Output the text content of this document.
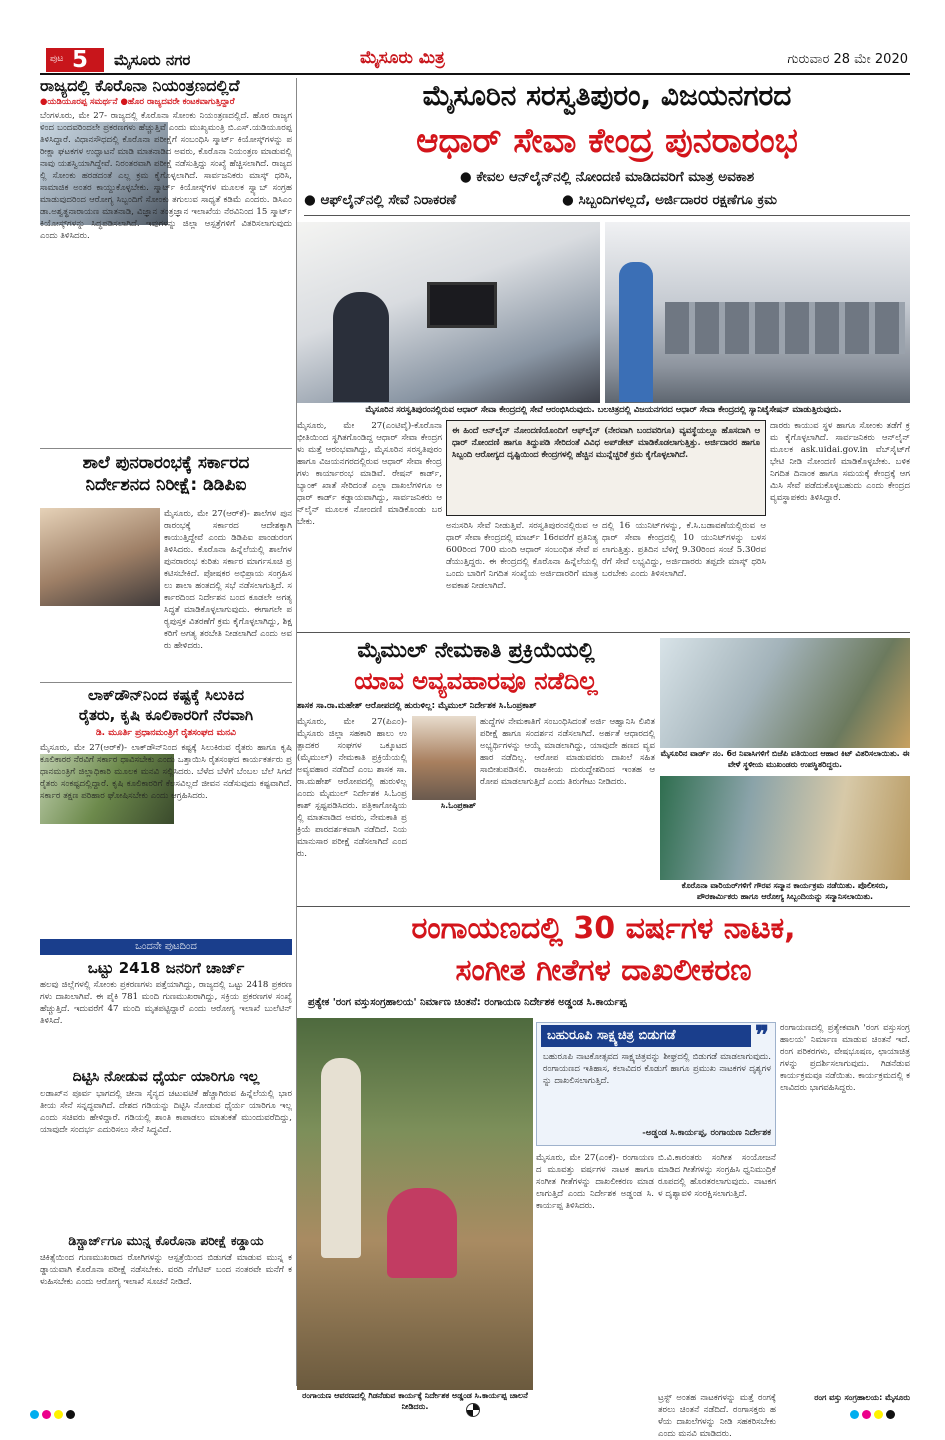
ಪುಟ 5 ಮೈಸೂರು ನಗರ	ಮೈಸೂರು ಮಿತ್ರ	ಗುರುವಾರ 28 ಮೇ 2020
ರಾಜ್ಯದಲ್ಲಿ ಕೊರೊನಾ ನಿಯಂತ್ರಣದಲ್ಲಿದೆ
●ಯಡಿಯೂರಪ್ಪ ಸಮರ್ಥನೆ ●ಹೊರ ರಾಜ್ಯದವರೇ ಕಂಟಕವಾಗುತ್ತಿದ್ದಾರೆ
ಬೆಂಗಳೂರು, ಮೇ 27- ರಾಜ್ಯದಲ್ಲಿ ಕೊರೊನಾ ಸೋಂಕು ನಿಯಂತ್ರಣದಲ್ಲಿದೆ. ಹೊರ ರಾಜ್ಯಗಳಿಂದ ಬಂದವರಿಂದಲೇ ಪ್ರಕರಣಗಳು ಹೆಚ್ಚುತ್ತಿವೆ ಎಂದು ಮುಖ್ಯಮಂತ್ರಿ ಬಿ.ಎಸ್.ಯಡಿಯೂರಪ್ಪ ತಿಳಿಸಿದ್ದಾರೆ. ವಿಧಾನಸೌಧದಲ್ಲಿ ಕೊರೊನಾ ಪರೀಕ್ಷೆಗೆ ಸಂಬಂಧಿಸಿ ಸ್ಮಾರ್ಟ್ ಕಿಯೋಸ್ಕ್‌ಗಳನ್ನು ಪರೀಕ್ಷಾ ಘಟಕಗಳ ಉದ್ಘಾಟನೆ ಮಾಡಿ ಮಾತನಾಡಿದ ಅವರು, ಕೊರೊನಾ ನಿಯಂತ್ರಣ ಮಾಡುವಲ್ಲಿ ನಾವು ಯಶಸ್ವಿಯಾಗಿದ್ದೇವೆ. ನಿರಂತರವಾಗಿ ಪರೀಕ್ಷೆ ನಡೆಸುತ್ತಿದ್ದು ಸಂಖ್ಯೆ ಹೆಚ್ಚಿಸಲಾಗಿದೆ. ರಾಜ್ಯದಲ್ಲಿ ಸೋಂಕು ಹರಡದಂತೆ ಎಲ್ಲ ಕ್ರಮ ಕೈಗೊಳ್ಳಲಾಗಿದೆ. ಸಾರ್ವಜನಿಕರು ಮಾಸ್ಕ್ ಧರಿಸಿ, ಸಾಮಾಜಿಕ ಅಂತರ ಕಾಯ್ದುಕೊಳ್ಳಬೇಕು. ಸ್ಮಾರ್ಟ್ ಕಿಯೋಸ್ಕ್‌ಗಳ ಮೂಲಕ ಸ್ವ್ಯಾಬ್ ಸಂಗ್ರಹ ಮಾಡುವುದರಿಂದ ಆರೋಗ್ಯ ಸಿಬ್ಬಂದಿಗೆ ಸೋಂಕು ತಗುಲುವ ಸಾಧ್ಯತೆ ಕಡಿಮೆ ಎಂದರು. ಡಿಸಿಎಂ ಡಾ.ಅಶ್ವತ್ಥನಾರಾಯಣ ಮಾತನಾಡಿ, ವಿಜ್ಞಾನ ತಂತ್ರಜ್ಞಾನ ಇಲಾಖೆಯ ನೆರವಿನಿಂದ 15 ಸ್ಮಾರ್ಟ್ ಕಿಯೋಸ್ಕ್‌ಗಳನ್ನು ಸಿದ್ಧಪಡಿಸಲಾಗಿದೆ. ಇವುಗಳನ್ನು ಜಿಲ್ಲಾ ಆಸ್ಪತ್ರೆಗಳಿಗೆ ವಿತರಿಸಲಾಗುವುದು ಎಂದು ತಿಳಿಸಿದರು.
ಶಾಲೆ ಪುನರಾರಂಭಕ್ಕೆ ಸರ್ಕಾರದ
ನಿರ್ದೇಶನದ ನಿರೀಕ್ಷೆ: ಡಿಡಿಪಿಐ
ಮೈಸೂರು, ಮೇ 27(ಆರ್‌ಕೆ)- ಶಾಲೆಗಳ ಪುನರಾರಂಭಕ್ಕೆ ಸರ್ಕಾರದ ಆದೇಶಕ್ಕಾಗಿ ಕಾಯುತ್ತಿದ್ದೇವೆ ಎಂದು ಡಿಡಿಪಿಐ ಪಾಂಡುರಂಗ ತಿಳಿಸಿದರು. ಕೊರೊನಾ ಹಿನ್ನೆಲೆಯಲ್ಲಿ ಶಾಲೆಗಳ ಪುನರಾರಂಭ ಕುರಿತು ಸರ್ಕಾರ ಮಾರ್ಗಸೂಚಿ ಪ್ರಕಟಿಸಬೇಕಿದೆ. ಪೋಷಕರ ಅಭಿಪ್ರಾಯ ಸಂಗ್ರಹಿಸಲು ಶಾಲಾ ಹಂತದಲ್ಲಿ ಸಭೆ ನಡೆಸಲಾಗುತ್ತಿದೆ. ಸರ್ಕಾರದಿಂದ ನಿರ್ದೇಶನ ಬಂದ ಕೂಡಲೇ ಅಗತ್ಯ ಸಿದ್ಧತೆ ಮಾಡಿಕೊಳ್ಳಲಾಗುವುದು. ಈಗಾಗಲೇ ಪಠ್ಯಪುಸ್ತಕ ವಿತರಣೆಗೆ ಕ್ರಮ ಕೈಗೊಳ್ಳಲಾಗಿದ್ದು, ಶಿಕ್ಷಕರಿಗೆ ಅಗತ್ಯ ತರಬೇತಿ ನೀಡಲಾಗಿದೆ ಎಂದು ಅವರು ಹೇಳಿದರು.
ಲಾಕ್‌ಡೌನ್‌ನಿಂದ ಕಷ್ಟಕ್ಕೆ ಸಿಲುಕಿದ
ರೈತರು, ಕೃಷಿ ಕೂಲಿಕಾರರಿಗೆ ನೆರವಾಗಿ
ಡಿ. ಮೂರ್ತಿ ಪ್ರಧಾನಮಂತ್ರಿಗೆ ರೈತಸಂಘದ ಮನವಿ
ಮೈಸೂರು, ಮೇ 27(ಆರ್‌ಕೆ)- ಲಾಕ್‌ಡೌನ್‌ನಿಂದ ಕಷ್ಟಕ್ಕೆ ಸಿಲುಕಿರುವ ರೈತರು ಹಾಗೂ ಕೃಷಿ ಕೂಲಿಕಾರರ ನೆರವಿಗೆ ಸರ್ಕಾರ ಧಾವಿಸಬೇಕು ಎಂದು ಒತ್ತಾಯಿಸಿ ರೈತಸಂಘದ ಕಾರ್ಯಕರ್ತರು ಪ್ರಧಾನಮಂತ್ರಿಗೆ ಜಿಲ್ಲಾಧಿಕಾರಿ ಮೂಲಕ ಮನವಿ ಸಲ್ಲಿಸಿದರು. ಬೆಳೆದ ಬೆಳೆಗೆ ಬೆಂಬಲ ಬೆಲೆ ಸಿಗದೆ ರೈತರು ಸಂಕಷ್ಟದಲ್ಲಿದ್ದಾರೆ. ಕೃಷಿ ಕೂಲಿಕಾರರಿಗೆ ಕೆಲಸವಿಲ್ಲದೆ ಜೀವನ ನಡೆಸುವುದು ಕಷ್ಟವಾಗಿದೆ. ಸರ್ಕಾರ ತಕ್ಷಣ ಪರಿಹಾರ ಘೋಷಿಸಬೇಕು ಎಂದು ಆಗ್ರಹಿಸಿದರು.
ಒಂದನೇ ಪುಟದಿಂದ
ಒಟ್ಟು 2418 ಜನರಿಗೆ ಚಾರ್ಜ್
ಹಲವು ಜಿಲ್ಲೆಗಳಲ್ಲಿ ಸೋಂಕು ಪ್ರಕರಣಗಳು ಪತ್ತೆಯಾಗಿದ್ದು, ರಾಜ್ಯದಲ್ಲಿ ಒಟ್ಟು 2418 ಪ್ರಕರಣಗಳು ದಾಖಲಾಗಿವೆ. ಈ ಪೈಕಿ 781 ಮಂದಿ ಗುಣಮುಖರಾಗಿದ್ದು, ಸಕ್ರಿಯ ಪ್ರಕರಣಗಳ ಸಂಖ್ಯೆ ಹೆಚ್ಚುತ್ತಿದೆ. ಇದುವರೆಗೆ 47 ಮಂದಿ ಮೃತಪಟ್ಟಿದ್ದಾರೆ ಎಂದು ಆರೋಗ್ಯ ಇಲಾಖೆ ಬುಲೆಟಿನ್ ತಿಳಿಸಿದೆ.
ದಿಟ್ಟಿಸಿ ನೋಡುವ ಧೈರ್ಯ ಯಾರಿಗೂ ಇಲ್ಲ
ಲಡಾಖ್‌ನ ಪೂರ್ವ ಭಾಗದಲ್ಲಿ ಚೀನಾ ಸೈನ್ಯದ ಚಟುವಟಿಕೆ ಹೆಚ್ಚಾಗಿರುವ ಹಿನ್ನೆಲೆಯಲ್ಲಿ ಭಾರತೀಯ ಸೇನೆ ಸನ್ನದ್ಧವಾಗಿದೆ. ದೇಶದ ಗಡಿಯನ್ನು ದಿಟ್ಟಿಸಿ ನೋಡುವ ಧೈರ್ಯ ಯಾರಿಗೂ ಇಲ್ಲ ಎಂದು ಸಚಿವರು ಹೇಳಿದ್ದಾರೆ. ಗಡಿಯಲ್ಲಿ ಶಾಂತಿ ಕಾಪಾಡಲು ಮಾತುಕತೆ ಮುಂದುವರೆದಿದ್ದು, ಯಾವುದೇ ಸಂದರ್ಭ ಎದುರಿಸಲು ಸೇನೆ ಸಿದ್ಧವಿದೆ.
ಡಿಸ್ಚಾರ್ಜ್‌ಗೂ ಮುನ್ನ ಕೊರೊನಾ ಪರೀಕ್ಷೆ ಕಡ್ಡಾಯ
ಚಿಕಿತ್ಸೆಯಿಂದ ಗುಣಮುಖರಾದ ರೋಗಿಗಳನ್ನು ಆಸ್ಪತ್ರೆಯಿಂದ ಬಿಡುಗಡೆ ಮಾಡುವ ಮುನ್ನ ಕಡ್ಡಾಯವಾಗಿ ಕೊರೊನಾ ಪರೀಕ್ಷೆ ನಡೆಸಬೇಕು. ವರದಿ ನೆಗೆಟಿವ್ ಬಂದ ನಂತರವೇ ಮನೆಗೆ ಕಳುಹಿಸಬೇಕು ಎಂದು ಆರೋಗ್ಯ ಇಲಾಖೆ ಸೂಚನೆ ನೀಡಿದೆ.
ಮೈಸೂರಿನ ಸರಸ್ವತಿಪುರಂ, ವಿಜಯನಗರದ
ಆಧಾರ್ ಸೇವಾ ಕೇಂದ್ರ ಪುನರಾರಂಭ
● ಕೇವಲ ಆನ್‌ಲೈನ್‌ನಲ್ಲಿ ನೋಂದಣಿ ಮಾಡಿದವರಿಗೆ ಮಾತ್ರ ಅವಕಾಶ
● ಆಫ್‌ಲೈನ್‌ನಲ್ಲಿ ಸೇವೆ ನಿರಾಕರಣೆ	● ಸಿಬ್ಬಂದಿಗಳಲ್ಲದೆ, ಅರ್ಜಿದಾರರ ರಕ್ಷಣೆಗೂ ಕ್ರಮ
ಮೈಸೂರಿನ ಸರಸ್ವತಿಪುರಂನಲ್ಲಿರುವ ಆಧಾರ್ ಸೇವಾ ಕೇಂದ್ರದಲ್ಲಿ ಸೇವೆ ಆರಂಭಿಸಿರುವುದು. ಬಲಚಿತ್ರದಲ್ಲಿ ವಿಜಯನಗರದ ಆಧಾರ್ ಸೇವಾ ಕೇಂದ್ರದಲ್ಲಿ ಸ್ಯಾನಿಟೈಸೇಷನ್ ಮಾಡುತ್ತಿರುವುದು.
ಮೈಸೂರು, ಮೇ 27(ಎಂಟಿವೈ)-ಕೊರೊನಾ ಭೀತಿಯಿಂದ ಸ್ಥಗಿತಗೊಂಡಿದ್ದ ಆಧಾರ್ ಸೇವಾ ಕೇಂದ್ರಗಳು ಮತ್ತೆ ಆರಂಭವಾಗಿದ್ದು, ಮೈಸೂರಿನ ಸರಸ್ವತಿಪುರಂ ಹಾಗೂ ವಿಜಯನಗರದಲ್ಲಿರುವ ಆಧಾರ್ ಸೇವಾ ಕೇಂದ್ರಗಳು ಕಾರ್ಯಾರಂಭ ಮಾಡಿವೆ. ರೇಷನ್ ಕಾರ್ಡ್, ಬ್ಯಾಂಕ್ ಖಾತೆ ಸೇರಿದಂತೆ ಎಲ್ಲಾ ದಾಖಲೆಗಳಿಗೂ ಆಧಾರ್ ಕಾರ್ಡ್ ಕಡ್ಡಾಯವಾಗಿದ್ದು, ಸಾರ್ವಜನಿಕರು ಆನ್‌ಲೈನ್ ಮೂಲಕ ನೋಂದಣಿ ಮಾಡಿಕೊಂಡು ಬರಬೇಕು.
ಈ ಹಿಂದೆ ಆನ್‌ಲೈನ್ ನೋಂದಣಿಯೊಂದಿಗೆ ಆಫ್‌ಲೈನ್ (ನೇರವಾಗಿ ಬಂದವರಿಗೂ) ವ್ಯವಸ್ಥೆಯಲ್ಲೂ ಹೊಸದಾಗಿ ಆಧಾರ್ ನೋಂದಣಿ ಹಾಗೂ ತಿದ್ದುಪಡಿ ಸೇರಿದಂತೆ ವಿವಿಧ ಅಪ್‌ಡೇಟ್ ಮಾಡಿಕೊಡಲಾಗುತ್ತಿತ್ತು. ಅರ್ಜಿದಾರರ ಹಾಗೂ ಸಿಬ್ಬಂದಿ ಆರೋಗ್ಯದ ದೃಷ್ಟಿಯಿಂದ ಕೇಂದ್ರಗಳಲ್ಲಿ ಹೆಚ್ಚಿನ ಮುನ್ನೆಚ್ಚರಿಕೆ ಕ್ರಮ ಕೈಗೊಳ್ಳಲಾಗಿದೆ.
ಅನುಸರಿಸಿ ಸೇವೆ ನೀಡುತ್ತಿವೆ. ಸರಸ್ವತಿಪುರಂನಲ್ಲಿರುವ ಆಧಾರ್ ಸೇವಾ ಕೇಂದ್ರದಲ್ಲಿ ಮಾರ್ಚ್ 16ರವರೆಗೆ ಪ್ರತಿನಿತ್ಯ 600ರಿಂದ 700 ಮಂದಿ ಆಧಾರ್ ಸಂಬಂಧಿತ ಸೇವೆ ಪಡೆಯುತ್ತಿದ್ದರು. ಈ ಕೇಂದ್ರದಲ್ಲಿ ಕೊರೊನಾ ಹಿನ್ನೆಲೆಯಲ್ಲಿ ಒಂದು ಬಾರಿಗೆ ನಿಗದಿತ ಸಂಖ್ಯೆಯ ಅರ್ಜಿದಾರರಿಗೆ ಮಾತ್ರ ಅವಕಾಶ ನೀಡಲಾಗಿದೆ.
ದಲ್ಲಿ 16 ಯುನಿಟ್‌ಗಳನ್ನು, ಕೆ.ಸಿ.ಬಡಾವಣೆಯಲ್ಲಿರುವ ಆಧಾರ್ ಸೇವಾ ಕೇಂದ್ರದಲ್ಲಿ 10 ಯುನಿಟ್‌ಗಳನ್ನು ಬಳಸಲಾಗುತ್ತಿತ್ತು. ಪ್ರತಿದಿನ ಬೆಳಿಗ್ಗೆ 9.30ರಿಂದ ಸಂಜೆ 5.30ರವರೆಗೆ ಸೇವೆ ಲಭ್ಯವಿದ್ದು, ಅರ್ಜಿದಾರರು ತಪ್ಪದೇ ಮಾಸ್ಕ್ ಧರಿಸಿ ಬರಬೇಕು ಎಂದು ತಿಳಿಸಲಾಗಿದೆ.
ದಾರರು ಕಾಯುವ ಸ್ಥಳ ಹಾಗೂ ಸೋಂಕು ತಡೆಗೆ ಕ್ರಮ ಕೈಗೊಳ್ಳಲಾಗಿದೆ. ಸಾರ್ವಜನಿಕರು ಆನ್‌ಲೈನ್ ಮೂಲಕ ask.uidai.gov.in ವೆಬ್‌ಸೈಟ್‌ಗೆ ಭೇಟಿ ನೀಡಿ ನೋಂದಣಿ ಮಾಡಿಕೊಳ್ಳಬೇಕು. ಬಳಿಕ ನಿಗದಿತ ದಿನಾಂಕ ಹಾಗೂ ಸಮಯಕ್ಕೆ ಕೇಂದ್ರಕ್ಕೆ ಆಗಮಿಸಿ ಸೇವೆ ಪಡೆದುಕೊಳ್ಳಬಹುದು ಎಂದು ಕೇಂದ್ರದ ವ್ಯವಸ್ಥಾಪಕರು ತಿಳಿಸಿದ್ದಾರೆ.
ಮೈಮುಲ್ ನೇಮಕಾತಿ ಪ್ರಕ್ರಿಯೆಯಲ್ಲಿ
ಯಾವ ಅವ್ಯವಹಾರವೂ ನಡೆದಿಲ್ಲ
ಶಾಸಕ ಸಾ.ರಾ.ಮಹೇಶ್ ಆರೋಪದಲ್ಲಿ ಹುರುಳಿಲ್ಲ: ಮೈಮುಲ್ ನಿರ್ದೇಶಕ ಸಿ.ಓಂಪ್ರಕಾಶ್
ಮೈಸೂರು, ಮೇ 27(ಪಿಎಂ)- ಮೈಸೂರು ಜಿಲ್ಲಾ ಸಹಕಾರಿ ಹಾಲು ಉತ್ಪಾದಕರ ಸಂಘಗಳ ಒಕ್ಕೂಟದ (ಮೈಮುಲ್) ನೇಮಕಾತಿ ಪ್ರಕ್ರಿಯೆಯಲ್ಲಿ ಅವ್ಯವಹಾರ ನಡೆದಿದೆ ಎಂಬ ಶಾಸಕ ಸಾ.ರಾ.ಮಹೇಶ್ ಆರೋಪದಲ್ಲಿ ಹುರುಳಿಲ್ಲ ಎಂದು ಮೈಮುಲ್ ನಿರ್ದೇಶಕ ಸಿ.ಓಂಪ್ರಕಾಶ್ ಸ್ಪಷ್ಟಪಡಿಸಿದರು. ಪತ್ರಿಕಾಗೋಷ್ಠಿಯಲ್ಲಿ ಮಾತನಾಡಿದ ಅವರು, ನೇಮಕಾತಿ ಪ್ರಕ್ರಿಯೆ ಪಾರದರ್ಶಕವಾಗಿ ನಡೆದಿದೆ. ನಿಯಮಾನುಸಾರ ಪರೀಕ್ಷೆ ನಡೆಸಲಾಗಿದೆ ಎಂದರು.
ಸಿ.ಓಂಪ್ರಕಾಶ್
ಹುದ್ದೆಗಳ ನೇಮಕಾತಿಗೆ ಸಂಬಂಧಿಸಿದಂತೆ ಅರ್ಜಿ ಆಹ್ವಾನಿಸಿ ಲಿಖಿತ ಪರೀಕ್ಷೆ ಹಾಗೂ ಸಂದರ್ಶನ ನಡೆಸಲಾಗಿದೆ. ಅರ್ಹತೆ ಆಧಾರದಲ್ಲಿ ಅಭ್ಯರ್ಥಿಗಳನ್ನು ಆಯ್ಕೆ ಮಾಡಲಾಗಿದ್ದು, ಯಾವುದೇ ಹಣದ ವ್ಯವಹಾರ ನಡೆದಿಲ್ಲ. ಆರೋಪ ಮಾಡುವವರು ದಾಖಲೆ ಸಹಿತ ಸಾಬೀತುಪಡಿಸಲಿ. ರಾಜಕೀಯ ದುರುದ್ದೇಶದಿಂದ ಇಂತಹ ಆರೋಪ ಮಾಡಲಾಗುತ್ತಿದೆ ಎಂದು ತಿರುಗೇಟು ನೀಡಿದರು.
ಮೈಸೂರಿನ ವಾರ್ಡ್ ನಂ. 6ರ ನಿವಾಸಿಗಳಿಗೆ ಬಿಜೆಪಿ ವತಿಯಿಂದ ಆಹಾರ ಕಿಟ್ ವಿತರಿಸಲಾಯಿತು. ಈ ವೇಳೆ ಸ್ಥಳೀಯ ಮುಖಂಡರು ಉಪಸ್ಥಿತರಿದ್ದರು.
ಕೊರೊನಾ ವಾರಿಯರ್‌ಗಳಿಗೆ ಗೌರವ ಸನ್ಮಾನ ಕಾರ್ಯಕ್ರಮ ನಡೆಯಿತು. ಪೊಲೀಸರು, ಪೌರಕಾರ್ಮಿಕರು ಹಾಗೂ ಆರೋಗ್ಯ ಸಿಬ್ಬಂದಿಯನ್ನು ಸನ್ಮಾನಿಸಲಾಯಿತು.
ರಂಗಾಯಣದಲ್ಲಿ 30 ವರ್ಷಗಳ ನಾಟಕ,
ಸಂಗೀತ ಗೀತೆಗಳ ದಾಖಲೀಕರಣ
ಪ್ರತ್ಯೇಕ 'ರಂಗ ವಸ್ತುಸಂಗ್ರಹಾಲಯ' ನಿರ್ಮಾಣ ಚಿಂತನೆ: ರಂಗಾಯಣ ನಿರ್ದೇಶಕ ಅಡ್ಡಂಡ ಸಿ.ಕಾರ್ಯಪ್ಪ
ರಂಗಾಯಣ ಆವರಣದಲ್ಲಿ ಗಿಡನೆಡುವ ಕಾರ್ಯಕ್ಕೆ ನಿರ್ದೇಶಕ ಅಡ್ಡಂಡ ಸಿ.ಕಾರ್ಯಪ್ಪ ಚಾಲನೆ ನೀಡಿದರು.
ಬಹುರೂಪಿ ಸಾಕ್ಷ್ಯಚಿತ್ರ ಬಿಡುಗಡೆ	❞
ಬಹುರೂಪಿ ನಾಟಕೋತ್ಸವದ ಸಾಕ್ಷ್ಯಚಿತ್ರವನ್ನು ಶೀಘ್ರದಲ್ಲಿ ಬಿಡುಗಡೆ ಮಾಡಲಾಗುವುದು. ರಂಗಾಯಣದ ಇತಿಹಾಸ, ಕಲಾವಿದರ ಕೊಡುಗೆ ಹಾಗೂ ಪ್ರಮುಖ ನಾಟಕಗಳ ದೃಶ್ಯಗಳನ್ನು ದಾಖಲಿಸಲಾಗುತ್ತಿದೆ.
-ಅಡ್ಡಂಡ ಸಿ.ಕಾರ್ಯಪ್ಪ, ರಂಗಾಯಣ ನಿರ್ದೇಶಕ
ಮೈಸೂರು, ಮೇ 27(ಎಂಕೆ)- ರಂಗಾಯಣದ ಮೂವತ್ತು ವರ್ಷಗಳ ನಾಟಕ ಹಾಗೂ ಸಂಗೀತ ಗೀತೆಗಳನ್ನು ದಾಖಲೀಕರಣ ಮಾಡಲಾಗುತ್ತಿದೆ ಎಂದು ನಿರ್ದೇಶಕ ಅಡ್ಡಂಡ ಸಿ.ಕಾರ್ಯಪ್ಪ ತಿಳಿಸಿದರು.
ಬಿ.ವಿ.ಕಾರಂತರು ಸಂಗೀತ ಸಂಯೋಜನೆ ಮಾಡಿದ ಗೀತೆಗಳನ್ನು ಸಂಗ್ರಹಿಸಿ ಧ್ವನಿಮುದ್ರಿಕೆ ರೂಪದಲ್ಲಿ ಹೊರತರಲಾಗುವುದು. ನಾಟಕಗಳ ದೃಶ್ಯಾವಳಿ ಸಂರಕ್ಷಿಸಲಾಗುತ್ತಿದೆ.
ಟ್ರಸ್ಟ್ ಅಂತಹ ನಾಟಕಗಳನ್ನು ಮತ್ತೆ ರಂಗಕ್ಕೆ ತರಲು ಚಿಂತನೆ ನಡೆದಿದೆ. ರಂಗಾಸಕ್ತರು ಹಳೆಯ ದಾಖಲೆಗಳನ್ನು ನೀಡಿ ಸಹಕರಿಸಬೇಕು ಎಂದು ಮನವಿ ಮಾಡಿದರು.
ರಂಗಾಯಣದಲ್ಲಿ ಪ್ರತ್ಯೇಕವಾಗಿ 'ರಂಗ ವಸ್ತುಸಂಗ್ರಹಾಲಯ' ನಿರ್ಮಾಣ ಮಾಡುವ ಚಿಂತನೆ ಇದೆ. ರಂಗ ಪರಿಕರಗಳು, ವೇಷಭೂಷಣ, ಛಾಯಾಚಿತ್ರಗಳನ್ನು ಪ್ರದರ್ಶಿಸಲಾಗುವುದು. ಗಿಡನೆಡುವ ಕಾರ್ಯಕ್ರಮವೂ ನಡೆಯಿತು. ಕಾರ್ಯಕ್ರಮದಲ್ಲಿ ಕಲಾವಿದರು ಭಾಗವಹಿಸಿದ್ದರು.
ರಂಗ ವಸ್ತು ಸಂಗ್ರಹಾಲಯ: ಮೈಸೂರು
